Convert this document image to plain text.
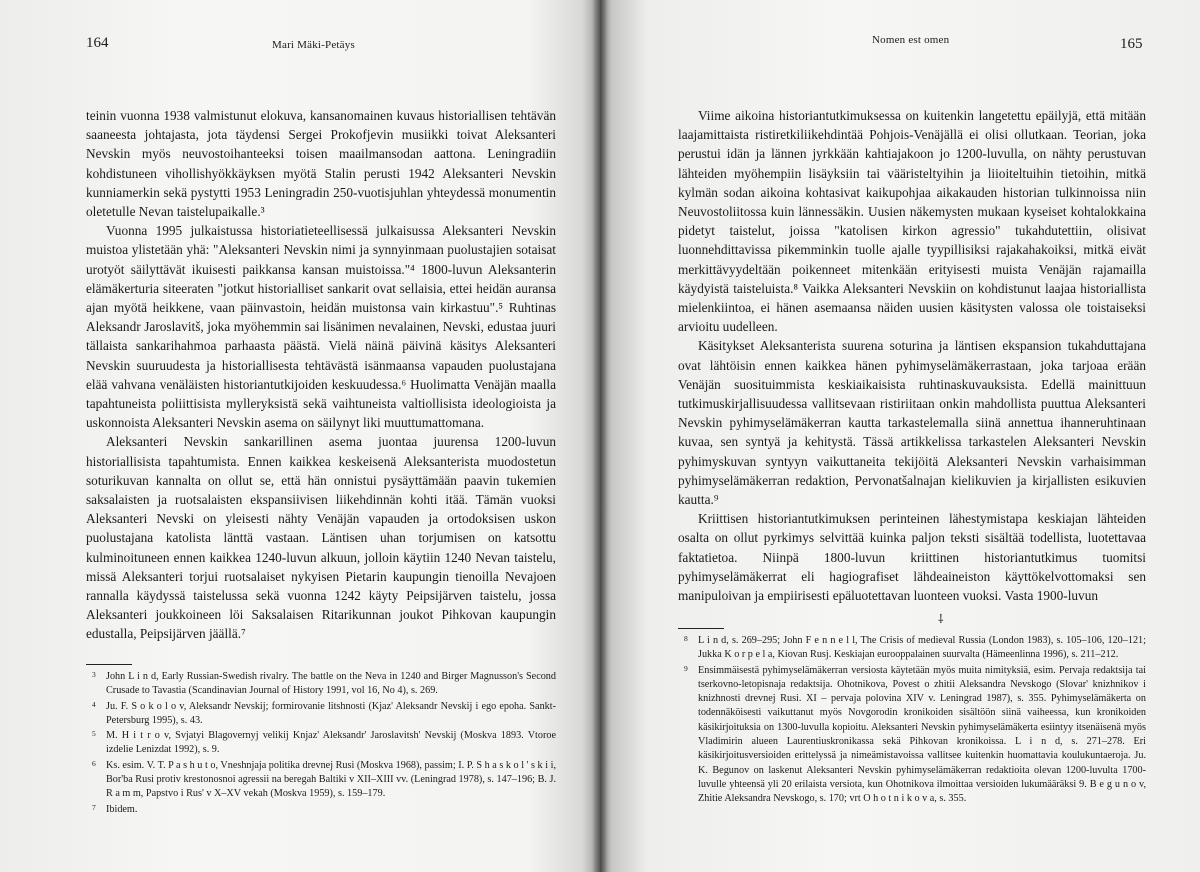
164	Mari Mäki-Petäys

teinin vuonna 1938 valmistunut elokuva, kansanomainen kuvaus historiallisen tehtävän saaneesta johtajasta, jota täydensi Sergei Prokofjevin musiikki toivat Aleksanteri Nevskin myös neuvostoihanteeksi toisen maailmansodan aattona. Leningradiin kohdistuneen vihollishyökkäyksen myötä Stalin perusti 1942 Aleksanteri Nevskin kunniamerkin sekä pystytti 1953 Leningradin 250-vuotisjuhlan yhteydessä monumentin oletetulle Nevan taistelupaikalle.³

Vuonna 1995 julkaistussa historiatieteellisessä julkaisussa Aleksanteri Nevskin muistoa ylistetään yhä: "Aleksanteri Nevskin nimi ja synnyinmaan puolustajien sotaisat urotyöt säilyttävät ikuisesti paikkansa kansan muistoissa."⁴ 1800-luvun Aleksanterin elämäkerturia siteeraten "jotkut historialliset sankarit ovat sellaisia, ettei heidän auransa ajan myötä heikkene, vaan päinvastoin, heidän muistonsa vain kirkastuu".⁵ Ruhtinas Aleksandr Jaroslavitš, joka myöhemmin sai lisänimen nevalainen, Nevski, edustaa juuri tällaista sankarihahmoa parhaasta päästä. Vielä näinä päivinä käsitys Aleksanteri Nevskin suuruudesta ja historiallisesta tehtävästä isänmaansa vapauden puolustajana elää vahvana venäläisten historiantutkijoiden keskuudessa.⁶ Huolimatta Venäjän maalla tapahtuneista poliittisista mylleryksistä sekä vaihtuneista valtiollisista ideologioista ja uskonnoista Aleksanteri Nevskin asema on säilynyt liki muuttumattomana.

Aleksanteri Nevskin sankarillinen asema juontaa juurensa 1200-luvun historiallisista tapahtumista. Ennen kaikkea keskeisenä Aleksanterista muodostetun soturikuvan kannalta on ollut se, että hän onnistui pysäyttämään paavin tukemien saksalaisten ja ruotsalaisten ekspansiivisen liikehdinnän kohti itää. Tämän vuoksi Aleksanteri Nevski on yleisesti nähty Venäjän vapauden ja ortodoksisen uskon puolustajana katolista länttä vastaan. Läntisen uhan torjumisen on katsottu kulminoituneen ennen kaikkea 1240-luvun alkuun, jolloin käytiin 1240 Nevan taistelu, missä Aleksanteri torjui ruotsalaiset nykyisen Pietarin kaupungin tienoilla Nevajoen rannalla käydyssä taistelussa sekä vuonna 1242 käyty Peipsijärven taistelu, jossa Aleksanteri joukkoineen löi Saksalaisen Ritarikunnan joukot Pihkovan kaupungin edustalla, Peipsijärven jäällä.⁷

3 John L i n d, Early Russian-Swedish rivalry. The battle on the Neva in 1240 and Birger Magnusson's Second Crusade to Tavastia (Scandinavian Journal of History 1991, vol 16, No 4), s. 269.
4 Ju. F. S o k o l o v, Aleksandr Nevskij; formirovanie litshnosti (Kjaz' Aleksandr Nevskij i ego epoha. Sankt-Petersburg 1995), s. 43.
5 M. H i t r o v, Svjatyi Blagovernyj velikij Knjaz' Aleksandr' Jaroslavitsh' Nevskij (Moskva 1893. Vtoroe izdelie Lenizdat 1992), s. 9.
6 Ks. esim. V. T. P a s h u t o, Vneshnjaja politika drevnej Rusi (Moskva 1968), passim; I. P. S h a s k o l ' s k i i, Bor'ba Rusi protiv krestonosnoi agressii na beregah Baltiki v XII–XIII vv. (Leningrad 1978), s. 147–196; B. J. R a m m, Papstvo i Rus' v X–XV vekah (Moskva 1959), s. 159–179.
7 Ibidem.
165
Nomen est omen

Viime aikoina historiantutkimuksessa on kuitenkin langetettu epäilyjä, että mitään laajamittaista ristiretkiliikehdintää Pohjois-Venäjällä ei olisi ollutkaan. Teorian, joka perustui idän ja lännen jyrkkään kahtiajakoon jo 1200-luvulla, on nähty perustuvan lähteiden myöhempiin lisäyksiin tai vääristeltyihin ja liioiteltuihin tietoihin, mitkä kylmän sodan aikoina kohtasivat kaikupohjaa aikakauden historian tulkinnoissa niin Neuvostoliitossa kuin lännessäkin. Uusien näkemysten mukaan kyseiset kohtalokkaina pidetyt taistelut, joissa "katolisen kirkon agressio" tukahdutettiin, olisivat luonnehdittavissa pikemminkin tuolle ajalle tyypillisiksi rajakahakoiksi, mitkä eivät merkittävyydeltään poikenneet mitenkään erityisesti muista Venäjän rajamailla käydyistä taisteluista.⁸ Vaikka Aleksanteri Nevskiin on kohdistunut laajaa historiallista mielenkiintoa, ei hänen asemaansa näiden uusien käsitysten valossa ole toistaiseksi arvioitu uudelleen.

Käsitykset Aleksanterista suurena soturina ja läntisen ekspansion tukahduttajana ovat lähtöisin ennen kaikkea hänen pyhimyselämäkerrastaan, joka tarjoaa erään Venäjän suosituimmista keskiaikaisista ruhtinaskuvauksista. Edellä mainittuun tutkimuskirjallisuudessa vallitsevaan ristiriitaan onkin mahdollista puuttua Aleksanteri Nevskin pyhimyselämäkerran kautta tarkastelemalla siinä annettua ihanneruhtinaan kuvaa, sen syntyä ja kehitystä. Tässä artikkelissa tarkastelen Aleksanteri Nevskin pyhimyskuvan syntyyn vaikuttaneita tekijöitä Aleksanteri Nevskin varhaisimman pyhimyselämäkerran redaktion, Pervonatšalnajan kielikuvien ja kirjallisten esikuvien kautta.⁹

Kriittisen historiantutkimuksen perinteinen lähestymistapa keskiajan lähteiden osalta on ollut pyrkimys selvittää kuinka paljon teksti sisältää todellista, luotettavaa faktatietoa. Niinpä 1800-luvun kriittinen historiantutkimus tuomitsi pyhimyselämäkerrat eli hagiografiset lähdeaineiston käyttökelvottomaksi sen manipuloivan ja empiirisesti epäluotettavan luonteen vuoksi. Vasta 1900-luvun

⸸
8 L i n d, s. 269–295; John F e n n e l l, The Crisis of medieval Russia (London 1983), s. 105–106, 120–121; Jukka K o r p e l a, Kiovan Rusj. Keskiajan eurooppalainen suurvalta (Hämeenlinna 1996), s. 211–212.
9 Ensimmäisestä pyhimyselämäkerran versiosta käytetään myös muita nimityksiä, esim. Pervaja redaktsija tai tserkovno-letopisnaja redaktsija. Ohotnikova, Povest o zhitii Aleksandra Nevskogo (Slovar' knizhnikov i knizhnosti drevnej Rusi. XI – pervaja polovina XIV v. Leningrad 1987), s. 355. Pyhimyselämäkerta on todennäköisesti vaikuttanut myös Novgorodin kronikoiden sisältöön siinä vaiheessa, kun kronikoiden käsikirjoituksia on 1300-luvulla kopioitu. Aleksanteri Nevskin pyhimyselämäkerta esiintyy itsenäisenä myös Vladimirin alueen Laurentiuskronikassa sekä Pihkovan kronikoissa. L i n d, s. 271–278. Eri käsikirjoitusversioiden erittelyssä ja nimeämistavoissa vallitsee kuitenkin huomattavia koulukuntaeroja. Ju. K. Begunov on laskenut Aleksanteri Nevskin pyhimyselämäkerran redaktioita olevan 1200-luvulta 1700-luvulle yhteensä yli 20 erilaista versiota, kun Ohotnikova ilmoittaa versioiden lukumääräksi 9. B e g u n o v, Zhitie Aleksandra Nevskogo, s. 170; vrt O h o t n i k o v a, s. 355.
